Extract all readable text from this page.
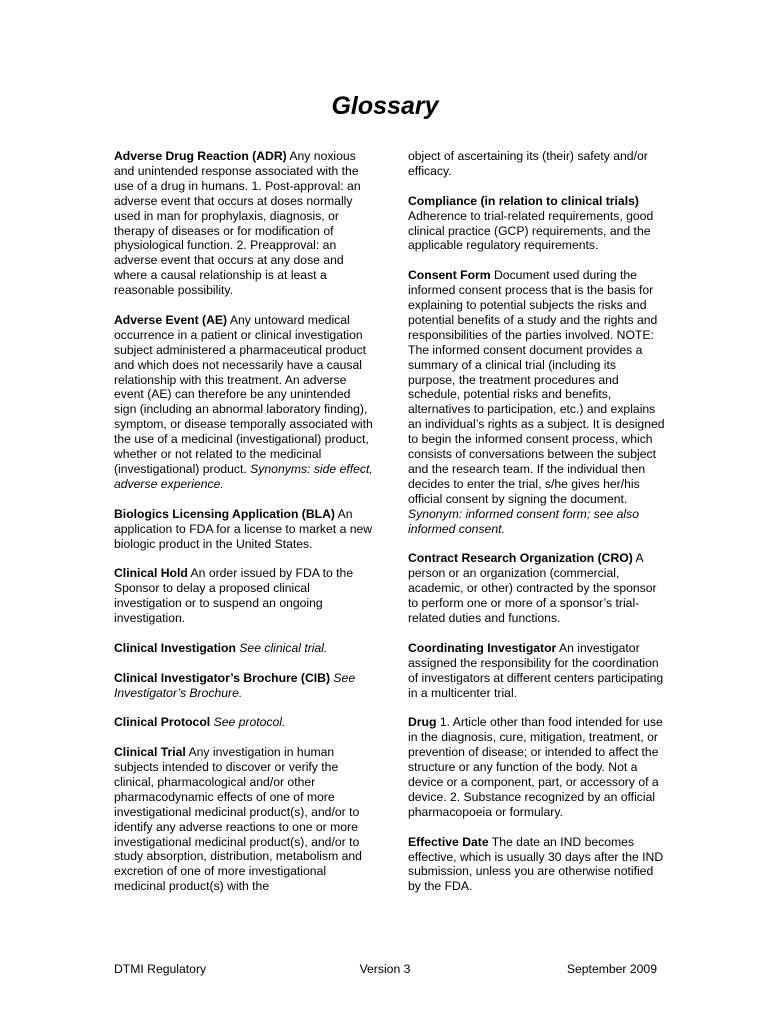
Glossary

Adverse Drug Reaction (ADR) Any noxious and unintended response associated with the use of a drug in humans. 1. Post-approval: an adverse event that occurs at doses normally used in man for prophylaxis, diagnosis, or therapy of diseases or for modification of physiological function. 2. Preapproval: an adverse event that occurs at any dose and where a causal relationship is at least a reasonable possibility.

Adverse Event (AE) Any untoward medical occurrence in a patient or clinical investigation subject administered a pharmaceutical product and which does not necessarily have a causal relationship with this treatment. An adverse event (AE) can therefore be any unintended sign (including an abnormal laboratory finding), symptom, or disease temporally associated with the use of a medicinal (investigational) product, whether or not related to the medicinal (investigational) product. Synonyms: side effect, adverse experience.

Biologics Licensing Application (BLA) An application to FDA for a license to market a new biologic product in the United States.

Clinical Hold An order issued by FDA to the Sponsor to delay a proposed clinical investigation or to suspend an ongoing investigation.

Clinical Investigation See clinical trial.

Clinical Investigator’s Brochure (CIB) See Investigator’s Brochure.

Clinical Protocol See protocol.

Clinical Trial Any investigation in human subjects intended to discover or verify the clinical, pharmacological and/or other pharmacodynamic effects of one of more investigational medicinal product(s), and/or to identify any adverse reactions to one or more investigational medicinal product(s), and/or to study absorption, distribution, metabolism and excretion of one of more investigational medicinal product(s) with the

object of ascertaining its (their) safety and/or efficacy.

Compliance (in relation to clinical trials) Adherence to trial-related requirements, good clinical practice (GCP) requirements, and the applicable regulatory requirements.

Consent Form Document used during the informed consent process that is the basis for explaining to potential subjects the risks and potential benefits of a study and the rights and responsibilities of the parties involved. NOTE: The informed consent document provides a summary of a clinical trial (including its purpose, the treatment procedures and schedule, potential risks and benefits, alternatives to participation, etc.) and explains an individual’s rights as a subject. It is designed to begin the informed consent process, which consists of conversations between the subject and the research team. If the individual then decides to enter the trial, s/he gives her/his official consent by signing the document. Synonym: informed consent form; see also informed consent.

Contract Research Organization (CRO) A person or an organization (commercial, academic, or other) contracted by the sponsor to perform one or more of a sponsor’s trial-related duties and functions.

Coordinating Investigator An investigator assigned the responsibility for the coordination of investigators at different centers participating in a multicenter trial.

Drug 1. Article other than food intended for use in the diagnosis, cure, mitigation, treatment, or prevention of disease; or intended to affect the structure or any function of the body. Not a device or a component, part, or accessory of a device. 2. Substance recognized by an official pharmacopoeia or formulary.

Effective Date The date an IND becomes effective, which is usually 30 days after the IND submission, unless you are otherwise notified by the FDA.

DTMI Regulatory	Version 3	September 2009
